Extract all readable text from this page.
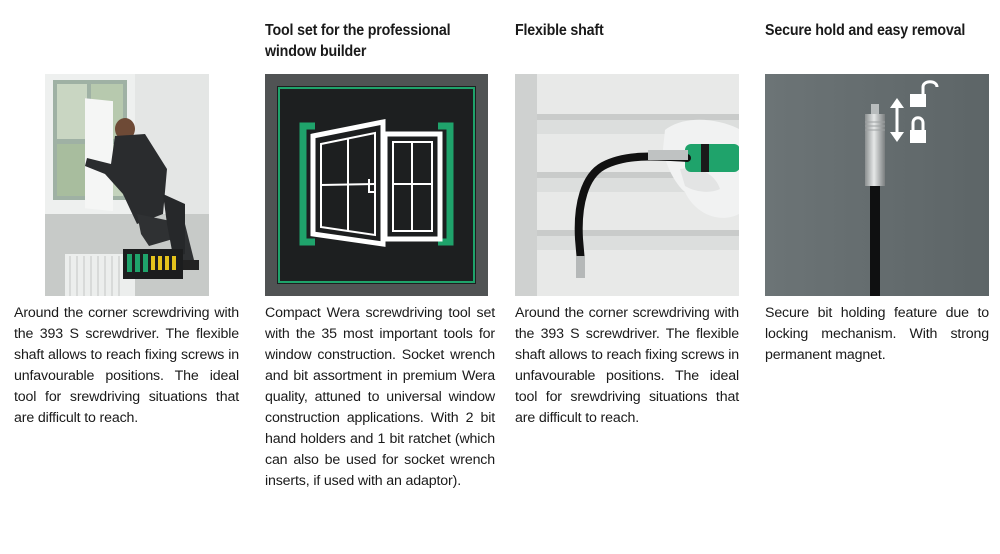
Around the corner screwdriving with the 393 S screwdriver. The flexible shaft allows to reach fixing screws in unfavourable positions. The ideal tool for srewdriving situations that are difficult to reach.
Tool set for the professional
window builder
Compact Wera screwdriving tool set with the 35 most important tools for window construction. Socket wrench and bit assortment in premium Wera quality, attuned to universal window construction applications. With 2 bit hand holders and 1 bit ratchet (which can also be used for socket wrench inserts, if used with an adaptor).
Flexible shaft
Around the corner screwdriving with the 393 S screwdriver. The flexible shaft allows to reach fixing screws in unfavourable positions. The ideal tool for srewdriving situations that are difficult to reach.
Secure hold and easy removal
Secure bit holding feature due to locking mechanism. With strong permanent magnet.
